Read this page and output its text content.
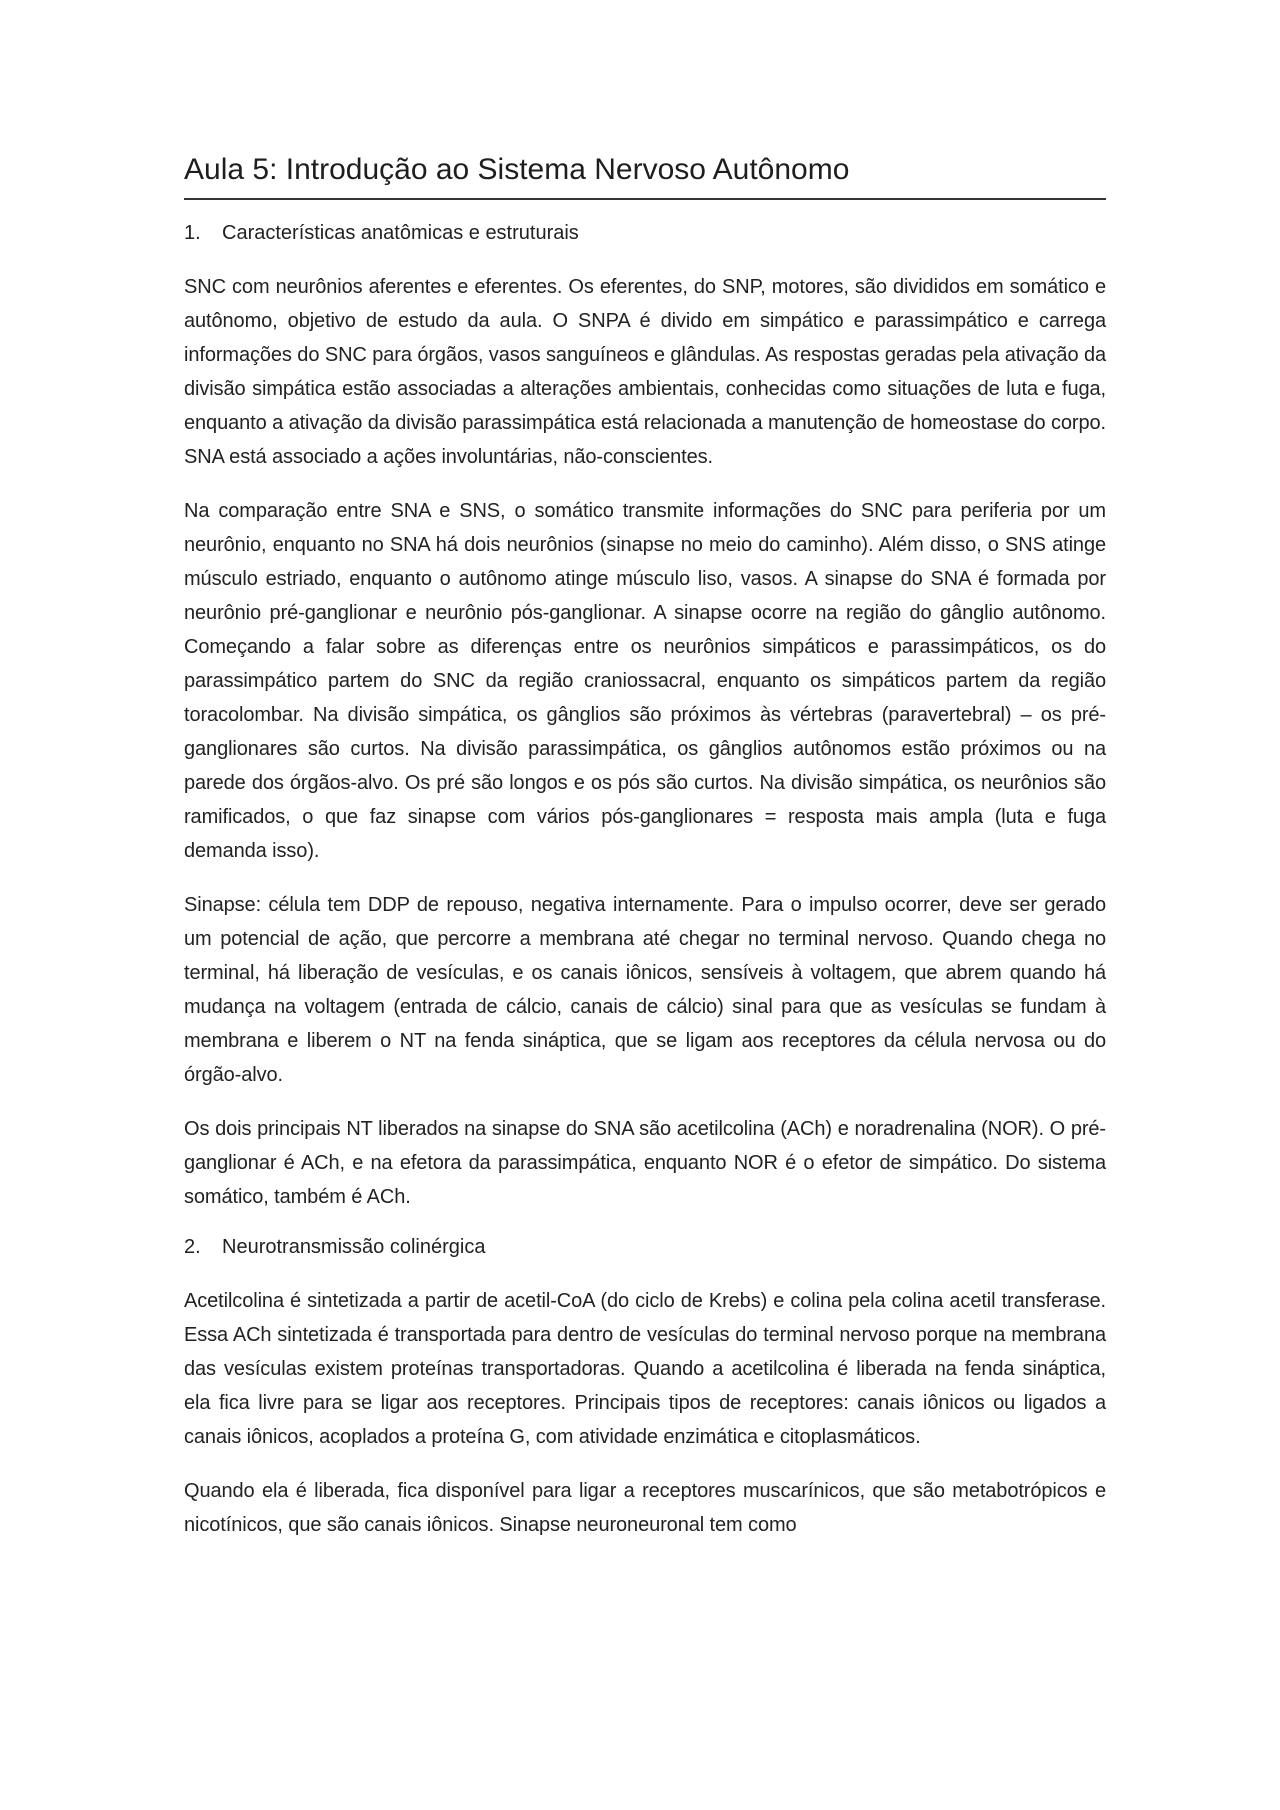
Aula 5: Introdução ao Sistema Nervoso Autônomo
1.	Características anatômicas e estruturais

SNC com neurônios aferentes e eferentes. Os eferentes, do SNP, motores, são divididos em somático e autônomo, objetivo de estudo da aula. O SNPA é divido em simpático e parassimpático e carrega informações do SNC para órgãos, vasos sanguíneos e glândulas. As respostas geradas pela ativação da divisão simpática estão associadas a alterações ambientais, conhecidas como situações de luta e fuga, enquanto a ativação da divisão parassimpática está relacionada a manutenção de homeostase do corpo. SNA está associado a ações involuntárias, não-conscientes.

Na comparação entre SNA e SNS, o somático transmite informações do SNC para periferia por um neurônio, enquanto no SNA há dois neurônios (sinapse no meio do caminho). Além disso, o SNS atinge músculo estriado, enquanto o autônomo atinge músculo liso, vasos. A sinapse do SNA é formada por neurônio pré-ganglionar e neurônio pós-ganglionar. A sinapse ocorre na região do gânglio autônomo. Começando a falar sobre as diferenças entre os neurônios simpáticos e parassimpáticos, os do parassimpático partem do SNC da região craniossacral, enquanto os simpáticos partem da região toracolombar. Na divisão simpática, os gânglios são próximos às vértebras (paravertebral) – os pré-ganglionares são curtos. Na divisão parassimpática, os gânglios autônomos estão próximos ou na parede dos órgãos-alvo. Os pré são longos e os pós são curtos. Na divisão simpática, os neurônios são ramificados, o que faz sinapse com vários pós-ganglionares = resposta mais ampla (luta e fuga demanda isso).

Sinapse: célula tem DDP de repouso, negativa internamente. Para o impulso ocorrer, deve ser gerado um potencial de ação, que percorre a membrana até chegar no terminal nervoso. Quando chega no terminal, há liberação de vesículas, e os canais iônicos, sensíveis à voltagem, que abrem quando há mudança na voltagem (entrada de cálcio, canais de cálcio) sinal para que as vesículas se fundam à membrana e liberem o NT na fenda sináptica, que se ligam aos receptores da célula nervosa ou do órgão-alvo.

Os dois principais NT liberados na sinapse do SNA são acetilcolina (ACh) e noradrenalina (NOR). O pré-ganglionar é ACh, e na efetora da parassimpática, enquanto NOR é o efetor de simpático. Do sistema somático, também é ACh.

2.	Neurotransmissão colinérgica

Acetilcolina é sintetizada a partir de acetil-CoA (do ciclo de Krebs) e colina pela colina acetil transferase. Essa ACh sintetizada é transportada para dentro de vesículas do terminal nervoso porque na membrana das vesículas existem proteínas transportadoras. Quando a acetilcolina é liberada na fenda sináptica, ela fica livre para se ligar aos receptores. Principais tipos de receptores: canais iônicos ou ligados a canais iônicos, acoplados a proteína G, com atividade enzimática e citoplasmáticos.

Quando ela é liberada, fica disponível para ligar a receptores muscarínicos, que são metabotrópicos e nicotínicos, que são canais iônicos. Sinapse neuroneuronal tem como
